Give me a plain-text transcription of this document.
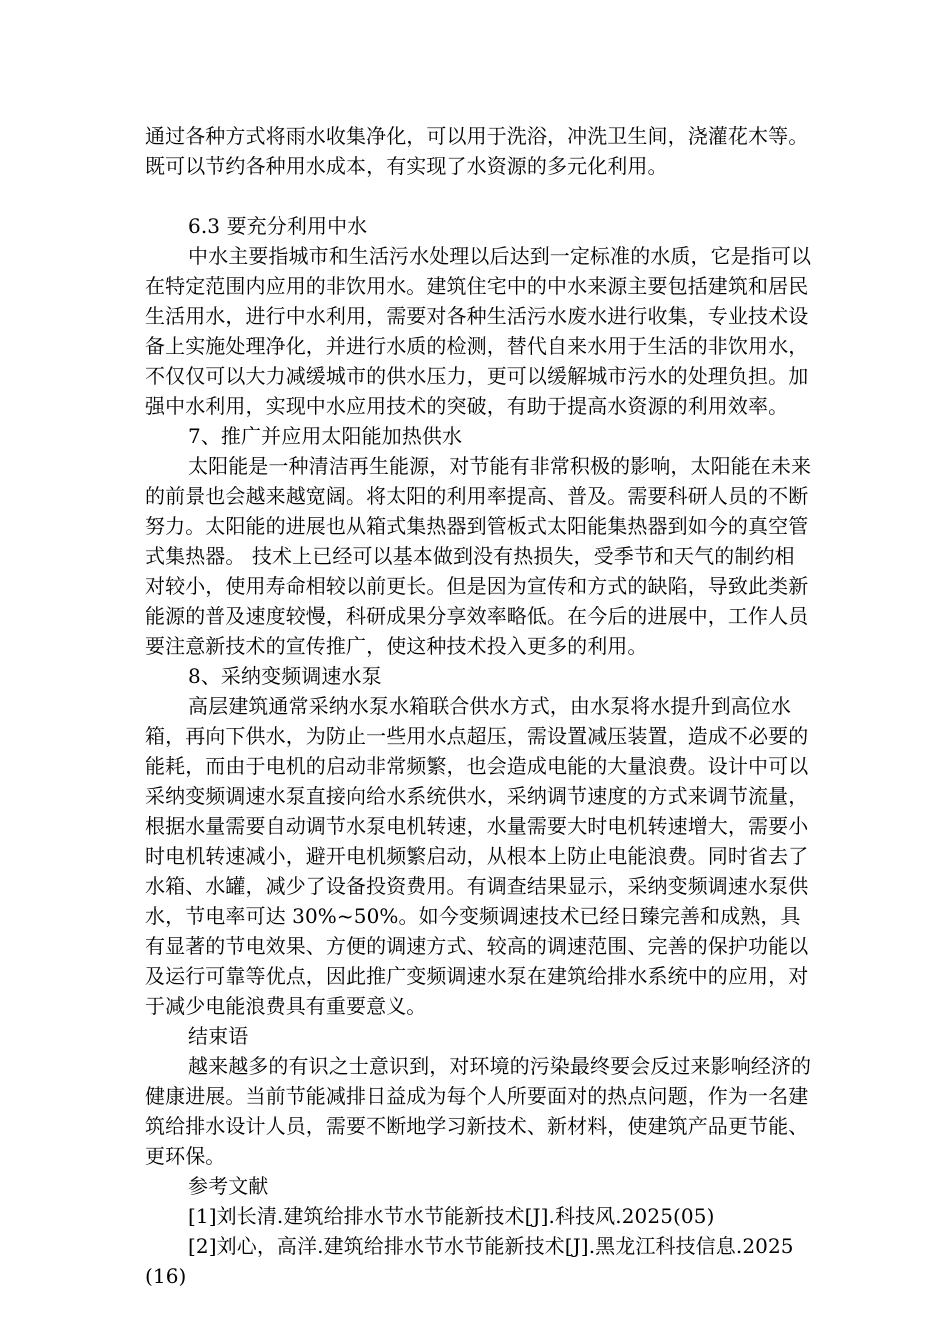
通过各种方式将雨水收集净化，可以用于洗浴，冲洗卫生间，浇灌花木等。既可以节约各种用水成本，有实现了水资源的多元化利用。

6.3 要充分利用中水

中水主要指城市和生活污水处理以后达到一定标准的水质，它是指可以在特定范围内应用的非饮用水。建筑住宅中的中水来源主要包括建筑和居民生活用水，进行中水利用，需要对各种生活污水废水进行收集，专业技术设备上实施处理净化，并进行水质的检测，替代自来水用于生活的非饮用水，不仅仅可以大力减缓城市的供水压力，更可以缓解城市污水的处理负担。加强中水利用，实现中水应用技术的突破，有助于提高水资源的利用效率。

7、推广并应用太阳能加热供水

太阳能是一种清洁再生能源，对节能有非常积极的影响，太阳能在未来的前景也会越来越宽阔。将太阳的利用率提高、普及。需要科研人员的不断努力。太阳能的进展也从箱式集热器到管板式太阳能集热器到如今的真空管式集热器。 技术上已经可以基本做到没有热损失，受季节和天气的制约相对较小，使用寿命相较以前更长。但是因为宣传和方式的缺陷，导致此类新能源的普及速度较慢，科研成果分享效率略低。在今后的进展中，工作人员要注意新技术的宣传推广，使这种技术投入更多的利用。

8、采纳变频调速水泵

高层建筑通常采纳水泵水箱联合供水方式，由水泵将水提升到高位水箱，再向下供水，为防止一些用水点超压，需设置减压装置，造成不必要的能耗，而由于电机的启动非常频繁，也会造成电能的大量浪费。设计中可以采纳变频调速水泵直接向给水系统供水，采纳调节速度的方式来调节流量，根据水量需要自动调节水泵电机转速，水量需要大时电机转速增大，需要小时电机转速减小，避开电机频繁启动，从根本上防止电能浪费。同时省去了水箱、水罐，减少了设备投资费用。有调查结果显示，采纳变频调速水泵供水，节电率可达 30%~50%。如今变频调速技术已经日臻完善和成熟，具有显著的节电效果、方便的调速方式、较高的调速范围、完善的保护功能以及运行可靠等优点，因此推广变频调速水泵在建筑给排水系统中的应用，对于减少电能浪费具有重要意义。

结束语

越来越多的有识之士意识到，对环境的污染最终要会反过来影响经济的健康进展。当前节能减排日益成为每个人所要面对的热点问题，作为一名建筑给排水设计人员，需要不断地学习新技术、新材料，使建筑产品更节能、更环保。

参考文献

[1]刘长清.建筑给排水节水节能新技术[J].科技风.2025(05)

[2]刘心，高洋.建筑给排水节水节能新技术[J].黑龙江科技信息.2025(16)
